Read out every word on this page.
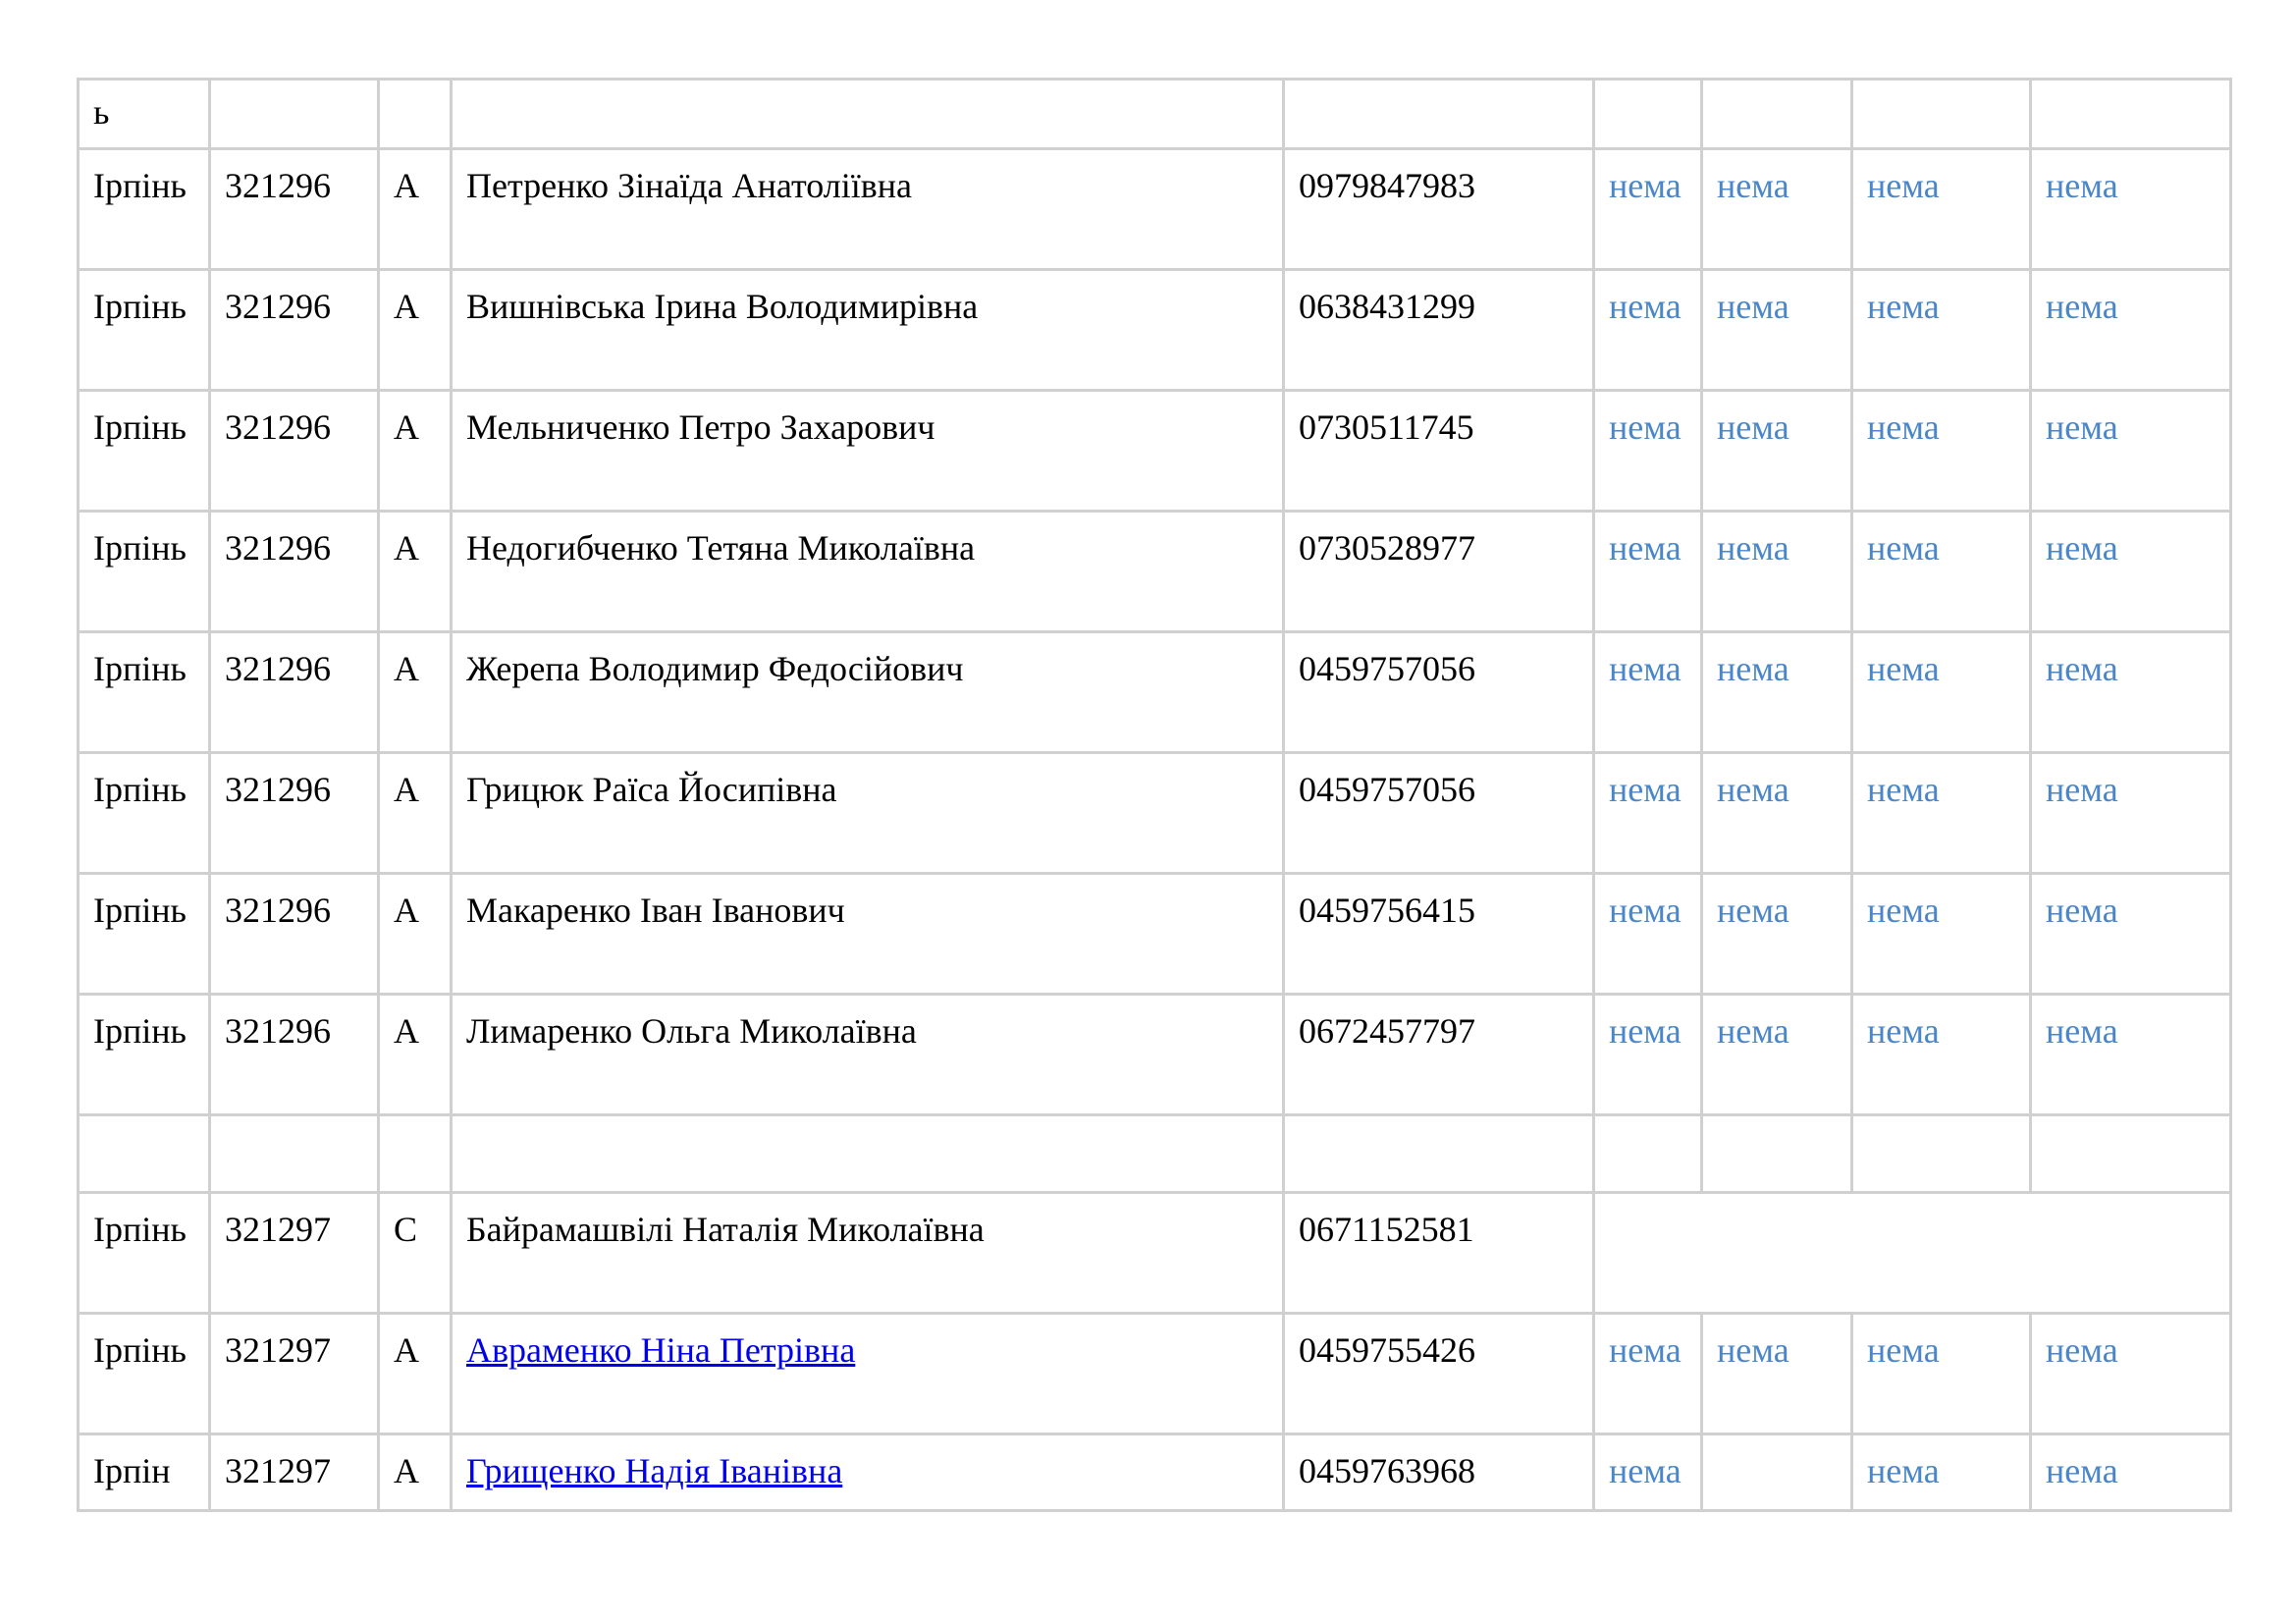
ь								
Ірпінь	321296	А	Петренко Зінаїда Анатоліївна	0979847983	нема	нема	нема	нема
Ірпінь	321296	А	Вишнівська Ірина Володимирівна	0638431299	нема	нема	нема	нема
Ірпінь	321296	А	Мельниченко Петро Захарович	0730511745	нема	нема	нема	нема
Ірпінь	321296	А	Недогибченко Тетяна Миколаївна	0730528977	нема	нема	нема	нема
Ірпінь	321296	А	Жерепа Володимир Федосійович	0459757056	нема	нема	нема	нема
Ірпінь	321296	А	Грицюк Раїса Йосипівна	0459757056	нема	нема	нема	нема
Ірпінь	321296	А	Макаренко Іван Іванович	0459756415	нема	нема	нема	нема
Ірпінь	321296	А	Лимаренко Ольга Миколаївна	0672457797	нема	нема	нема	нема

Ірпінь	321297	С	Байрамашвілі Наталія Миколаївна	0671152581				
Ірпінь	321297	А	Авраменко Ніна Петрівна	0459755426	нема	нема	нема	нема
Ірпін	321297	А	Грищенко Надія Іванівна	0459763968	нема		нема	нема
